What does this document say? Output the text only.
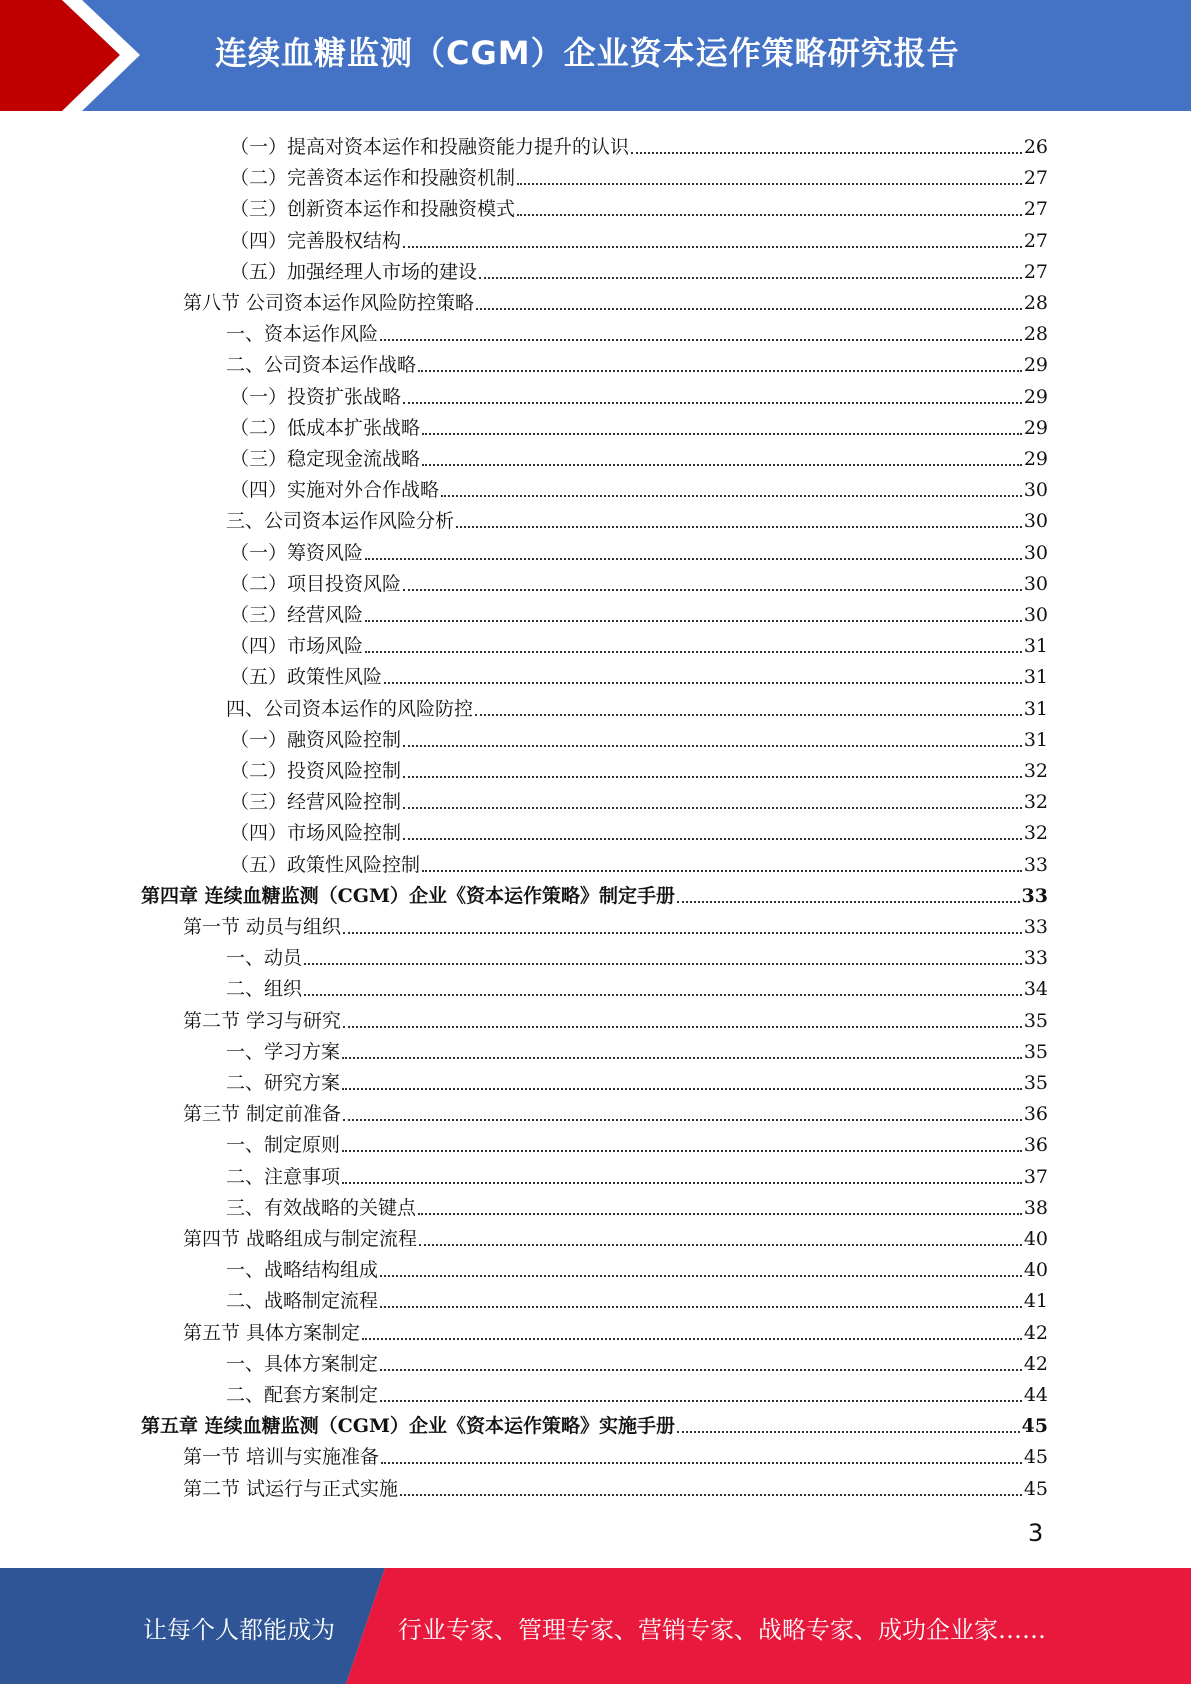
连续血糖监测（CGM）企业资本运作策略研究报告
（一）提高对资本运作和投融资能力提升的认识	26
（二）完善资本运作和投融资机制	27
（三）创新资本运作和投融资模式	27
（四）完善股权结构	27
（五）加强经理人市场的建设	27
第八节 公司资本运作风险防控策略	28
一、资本运作风险	28
二、公司资本运作战略	29
（一）投资扩张战略	29
（二）低成本扩张战略	29
（三）稳定现金流战略	29
（四）实施对外合作战略	30
三、公司资本运作风险分析	30
（一）筹资风险	30
（二）项目投资风险	30
（三）经营风险	30
（四）市场风险	31
（五）政策性风险	31
四、公司资本运作的风险防控	31
（一）融资风险控制	31
（二）投资风险控制	32
（三）经营风险控制	32
（四）市场风险控制	32
（五）政策性风险控制	33
第四章 连续血糖监测（CGM）企业《资本运作策略》制定手册	33
第一节 动员与组织	33
一、动员	33
二、组织	34
第二节 学习与研究	35
一、学习方案	35
二、研究方案	35
第三节 制定前准备	36
一、制定原则	36
二、注意事项	37
三、有效战略的关键点	38
第四节 战略组成与制定流程	40
一、战略结构组成	40
二、战略制定流程	41
第五节 具体方案制定	42
一、具体方案制定	42
二、配套方案制定	44
第五章 连续血糖监测（CGM）企业《资本运作策略》实施手册	45
第一节 培训与实施准备	45
第二节 试运行与正式实施	45
3
让每个人都能成为	行业专家、管理专家、营销专家、战略专家、成功企业家……
